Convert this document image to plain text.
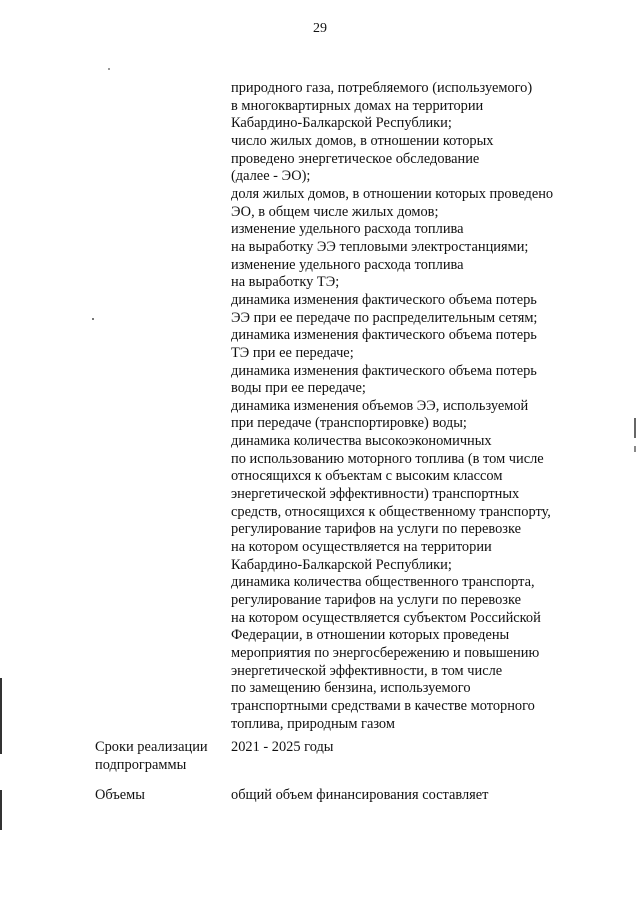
29
природного газа, потребляемого (используемого)
в многоквартирных домах на территории
Кабардино-Балкарской Республики;
число жилых домов, в отношении которых
проведено энергетическое обследование
(далее - ЭО);
доля жилых домов, в отношении которых проведено
ЭО, в общем числе жилых домов;
изменение удельного расхода топлива
на выработку ЭЭ тепловыми электростанциями;
изменение удельного расхода топлива
на выработку ТЭ;
динамика изменения фактического объема потерь
ЭЭ при ее передаче по распределительным сетям;
динамика изменения фактического объема потерь
ТЭ при ее передаче;
динамика изменения фактического объема потерь
воды при ее передаче;
динамика изменения объемов ЭЭ, используемой
при передаче (транспортировке) воды;
динамика количества высокоэкономичных
по использованию моторного топлива (в том числе
относящихся к объектам с высоким классом
энергетической эффективности) транспортных
средств, относящихся к общественному транспорту,
регулирование тарифов на услуги по перевозке
на котором осуществляется на территории
Кабардино-Балкарской Республики;
динамика количества общественного транспорта,
регулирование тарифов на услуги по перевозке
на котором осуществляется субъектом Российской
Федерации, в отношении которых проведены
мероприятия по энергосбережению и повышению
энергетической эффективности, в том числе
по замещению бензина, используемого
транспортными средствами в качестве моторного
топлива, природным газом
Сроки реализации
подпрограммы
2021 - 2025 годы
Объемы	общий объем финансирования составляет
